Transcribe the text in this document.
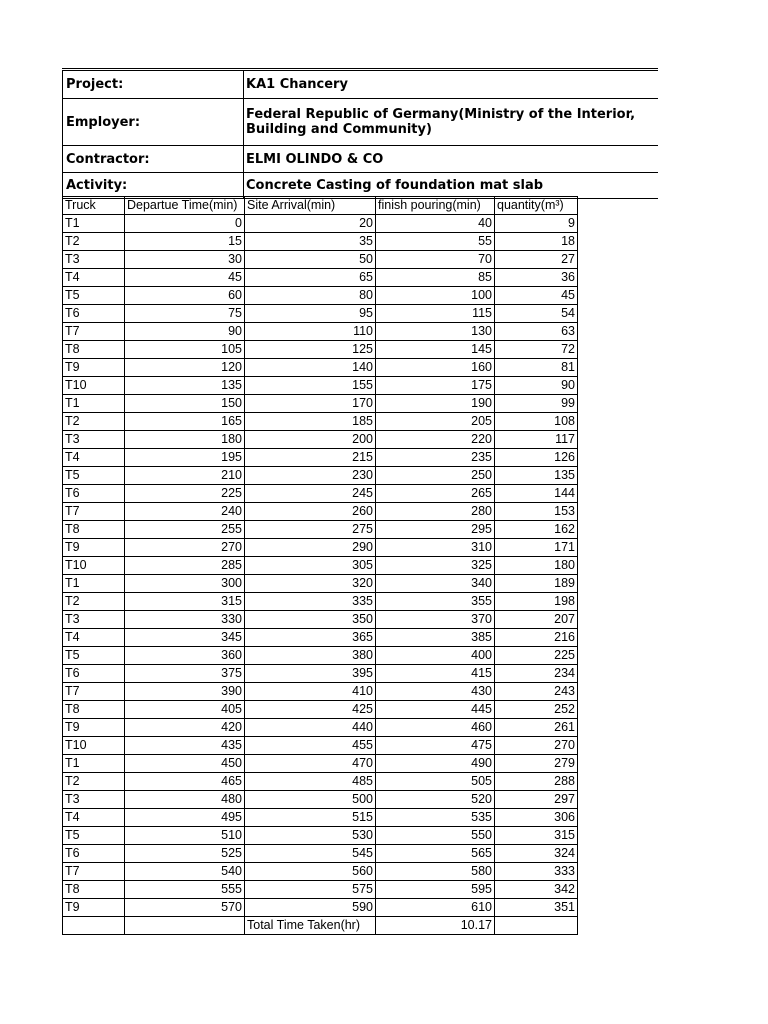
Project:	KA1 Chancery
Employer:	Federal Republic of Germany(Ministry of the Interior,
Building and Community)
Contractor:	ELMI OLINDO & CO
Activity:	Concrete Casting of foundation mat slab
Truck	Departue Time(min)	Site Arrival(min)	finish pouring(min)	quantity(m³)
T1	0	20	40	9
T2	15	35	55	18
T3	30	50	70	27
T4	45	65	85	36
T5	60	80	100	45
T6	75	95	115	54
T7	90	110	130	63
T8	105	125	145	72
T9	120	140	160	81
T10	135	155	175	90
T1	150	170	190	99
T2	165	185	205	108
T3	180	200	220	117
T4	195	215	235	126
T5	210	230	250	135
T6	225	245	265	144
T7	240	260	280	153
T8	255	275	295	162
T9	270	290	310	171
T10	285	305	325	180
T1	300	320	340	189
T2	315	335	355	198
T3	330	350	370	207
T4	345	365	385	216
T5	360	380	400	225
T6	375	395	415	234
T7	390	410	430	243
T8	405	425	445	252
T9	420	440	460	261
T10	435	455	475	270
T1	450	470	490	279
T2	465	485	505	288
T3	480	500	520	297
T4	495	515	535	306
T5	510	530	550	315
T6	525	545	565	324
T7	540	560	580	333
T8	555	575	595	342
T9	570	590	610	351
		Total Time Taken(hr)	10.17	
